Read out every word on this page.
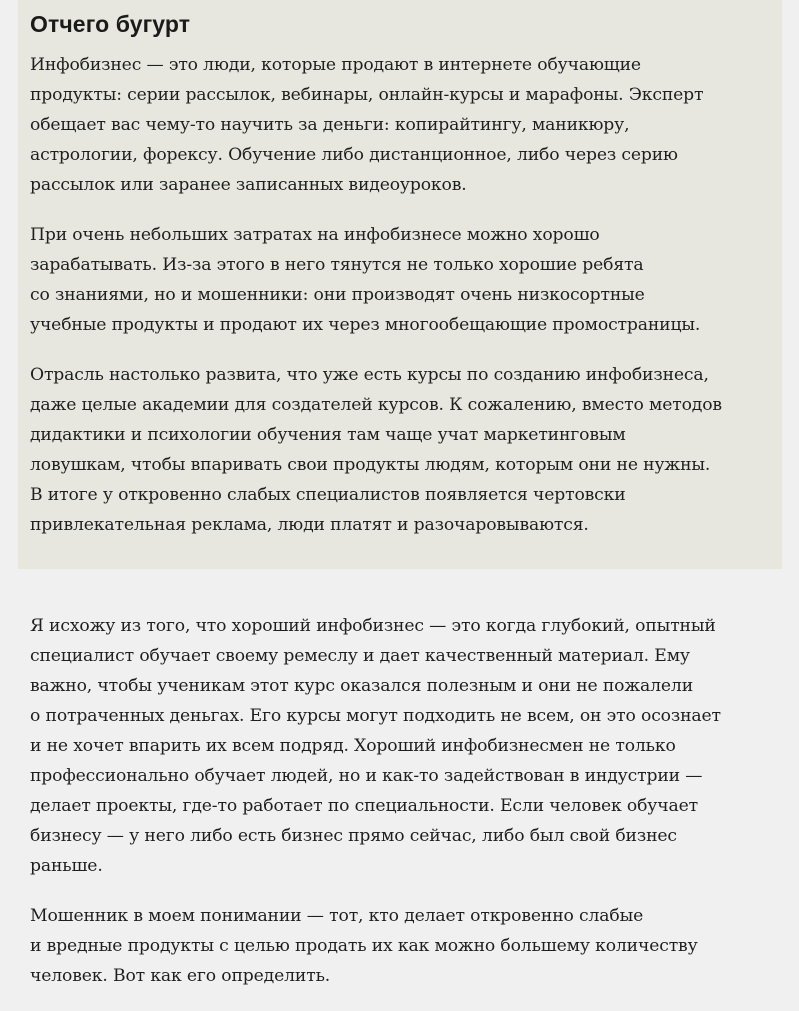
Отчего бугурт

Инфобизнес — это люди, которые продают в интернете обучающие
продукты: серии рассылок, вебинары, онлайн-курсы и марафоны. Эксперт
обещает вас чему-то научить за деньги: копирайтингу, маникюру,
астрологии, форексу. Обучение либо дистанционное, либо через серию
рассылок или заранее записанных видеоуроков.

При очень небольших затратах на инфобизнесе можно хорошо
зарабатывать. Из-за этого в него тянутся не только хорошие ребята
со знаниями, но и мошенники: они производят очень низкосортные
учебные продукты и продают их через многообещающие промостраницы.

Отрасль настолько развита, что уже есть курсы по созданию инфобизнеса,
даже целые академии для создателей курсов. К сожалению, вместо методов
дидактики и психологии обучения там чаще учат маркетинговым
ловушкам, чтобы впаривать свои продукты людям, которым они не нужны.
В итоге у откровенно слабых специалистов появляется чертовски
привлекательная реклама, люди платят и разочаровываются.

Я исхожу из того, что хороший инфобизнес — это когда глубокий, опытный
специалист обучает своему ремеслу и дает качественный материал. Ему
важно, чтобы ученикам этот курс оказался полезным и они не пожалели
о потраченных деньгах. Его курсы могут подходить не всем, он это осознает
и не хочет впарить их всем подряд. Хороший инфобизнесмен не только
профессионально обучает людей, но и как-то задействован в индустрии —
делает проекты, где-то работает по специальности. Если человек обучает
бизнесу — у него либо есть бизнес прямо сейчас, либо был свой бизнес
раньше.

Мошенник в моем понимании — тот, кто делает откровенно слабые
и вредные продукты с целью продать их как можно большему количеству
человек. Вот как его определить.
